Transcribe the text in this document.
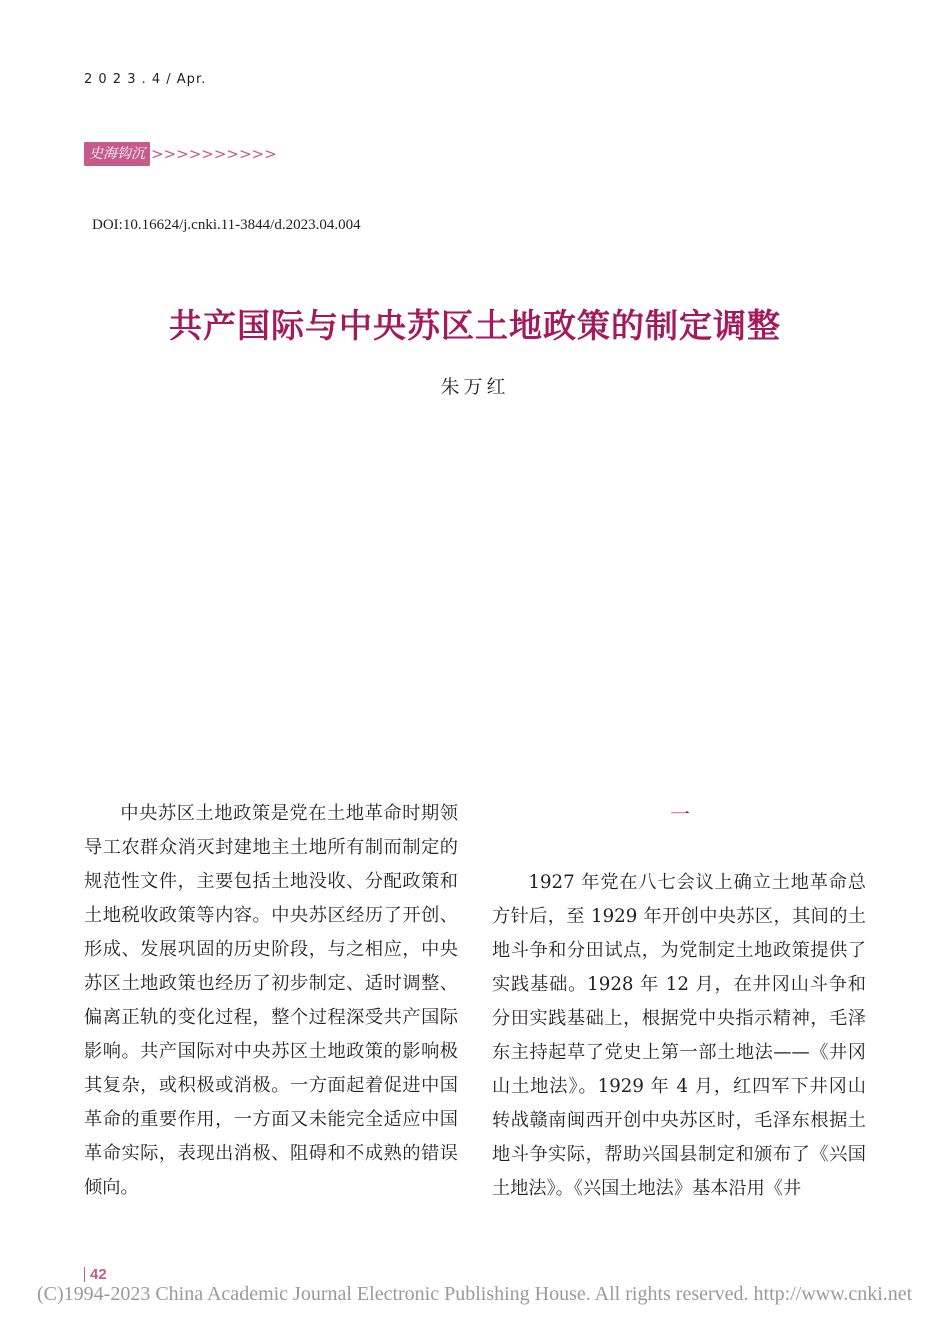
2 0 2 3 . 4 / Apr.
史海钩沉 >>>>>>>>>>
DOI:10.16624/j.cnki.11-3844/d.2023.04.004
共产国际与中央苏区土地政策的制定调整
朱万红

中央苏区土地政策是党在土地革命时期领导工农群众消灭封建地主土地所有制而制定的规范性文件，主要包括土地没收、分配政策和土地税收政策等内容。中央苏区经历了开创、形成、发展巩固的历史阶段，与之相应，中央苏区土地政策也经历了初步制定、适时调整、偏离正轨的变化过程，整个过程深受共产国际影响。共产国际对中央苏区土地政策的影响极其复杂，或积极或消极。一方面起着促进中国革命的重要作用，一方面又未能完全适应中国革命实际，表现出消极、阻碍和不成熟的错误倾向。

一

1927 年党在八七会议上确立土地革命总方针后，至 1929 年开创中央苏区，其间的土地斗争和分田试点，为党制定土地政策提供了实践基础。1928 年 12 月，在井冈山斗争和分田实践基础上，根据党中央指示精神，毛泽东主持起草了党史上第一部土地法——《井冈山土地法》。1929 年 4 月，红四军下井冈山转战赣南闽西开创中央苏区时，毛泽东根据土地斗争实际，帮助兴国县制定和颁布了《兴国土地法》。《兴国土地法》基本沿用《井

42
(C)1994-2023 China Academic Journal Electronic Publishing House. All rights reserved. http://www.cnki.net
